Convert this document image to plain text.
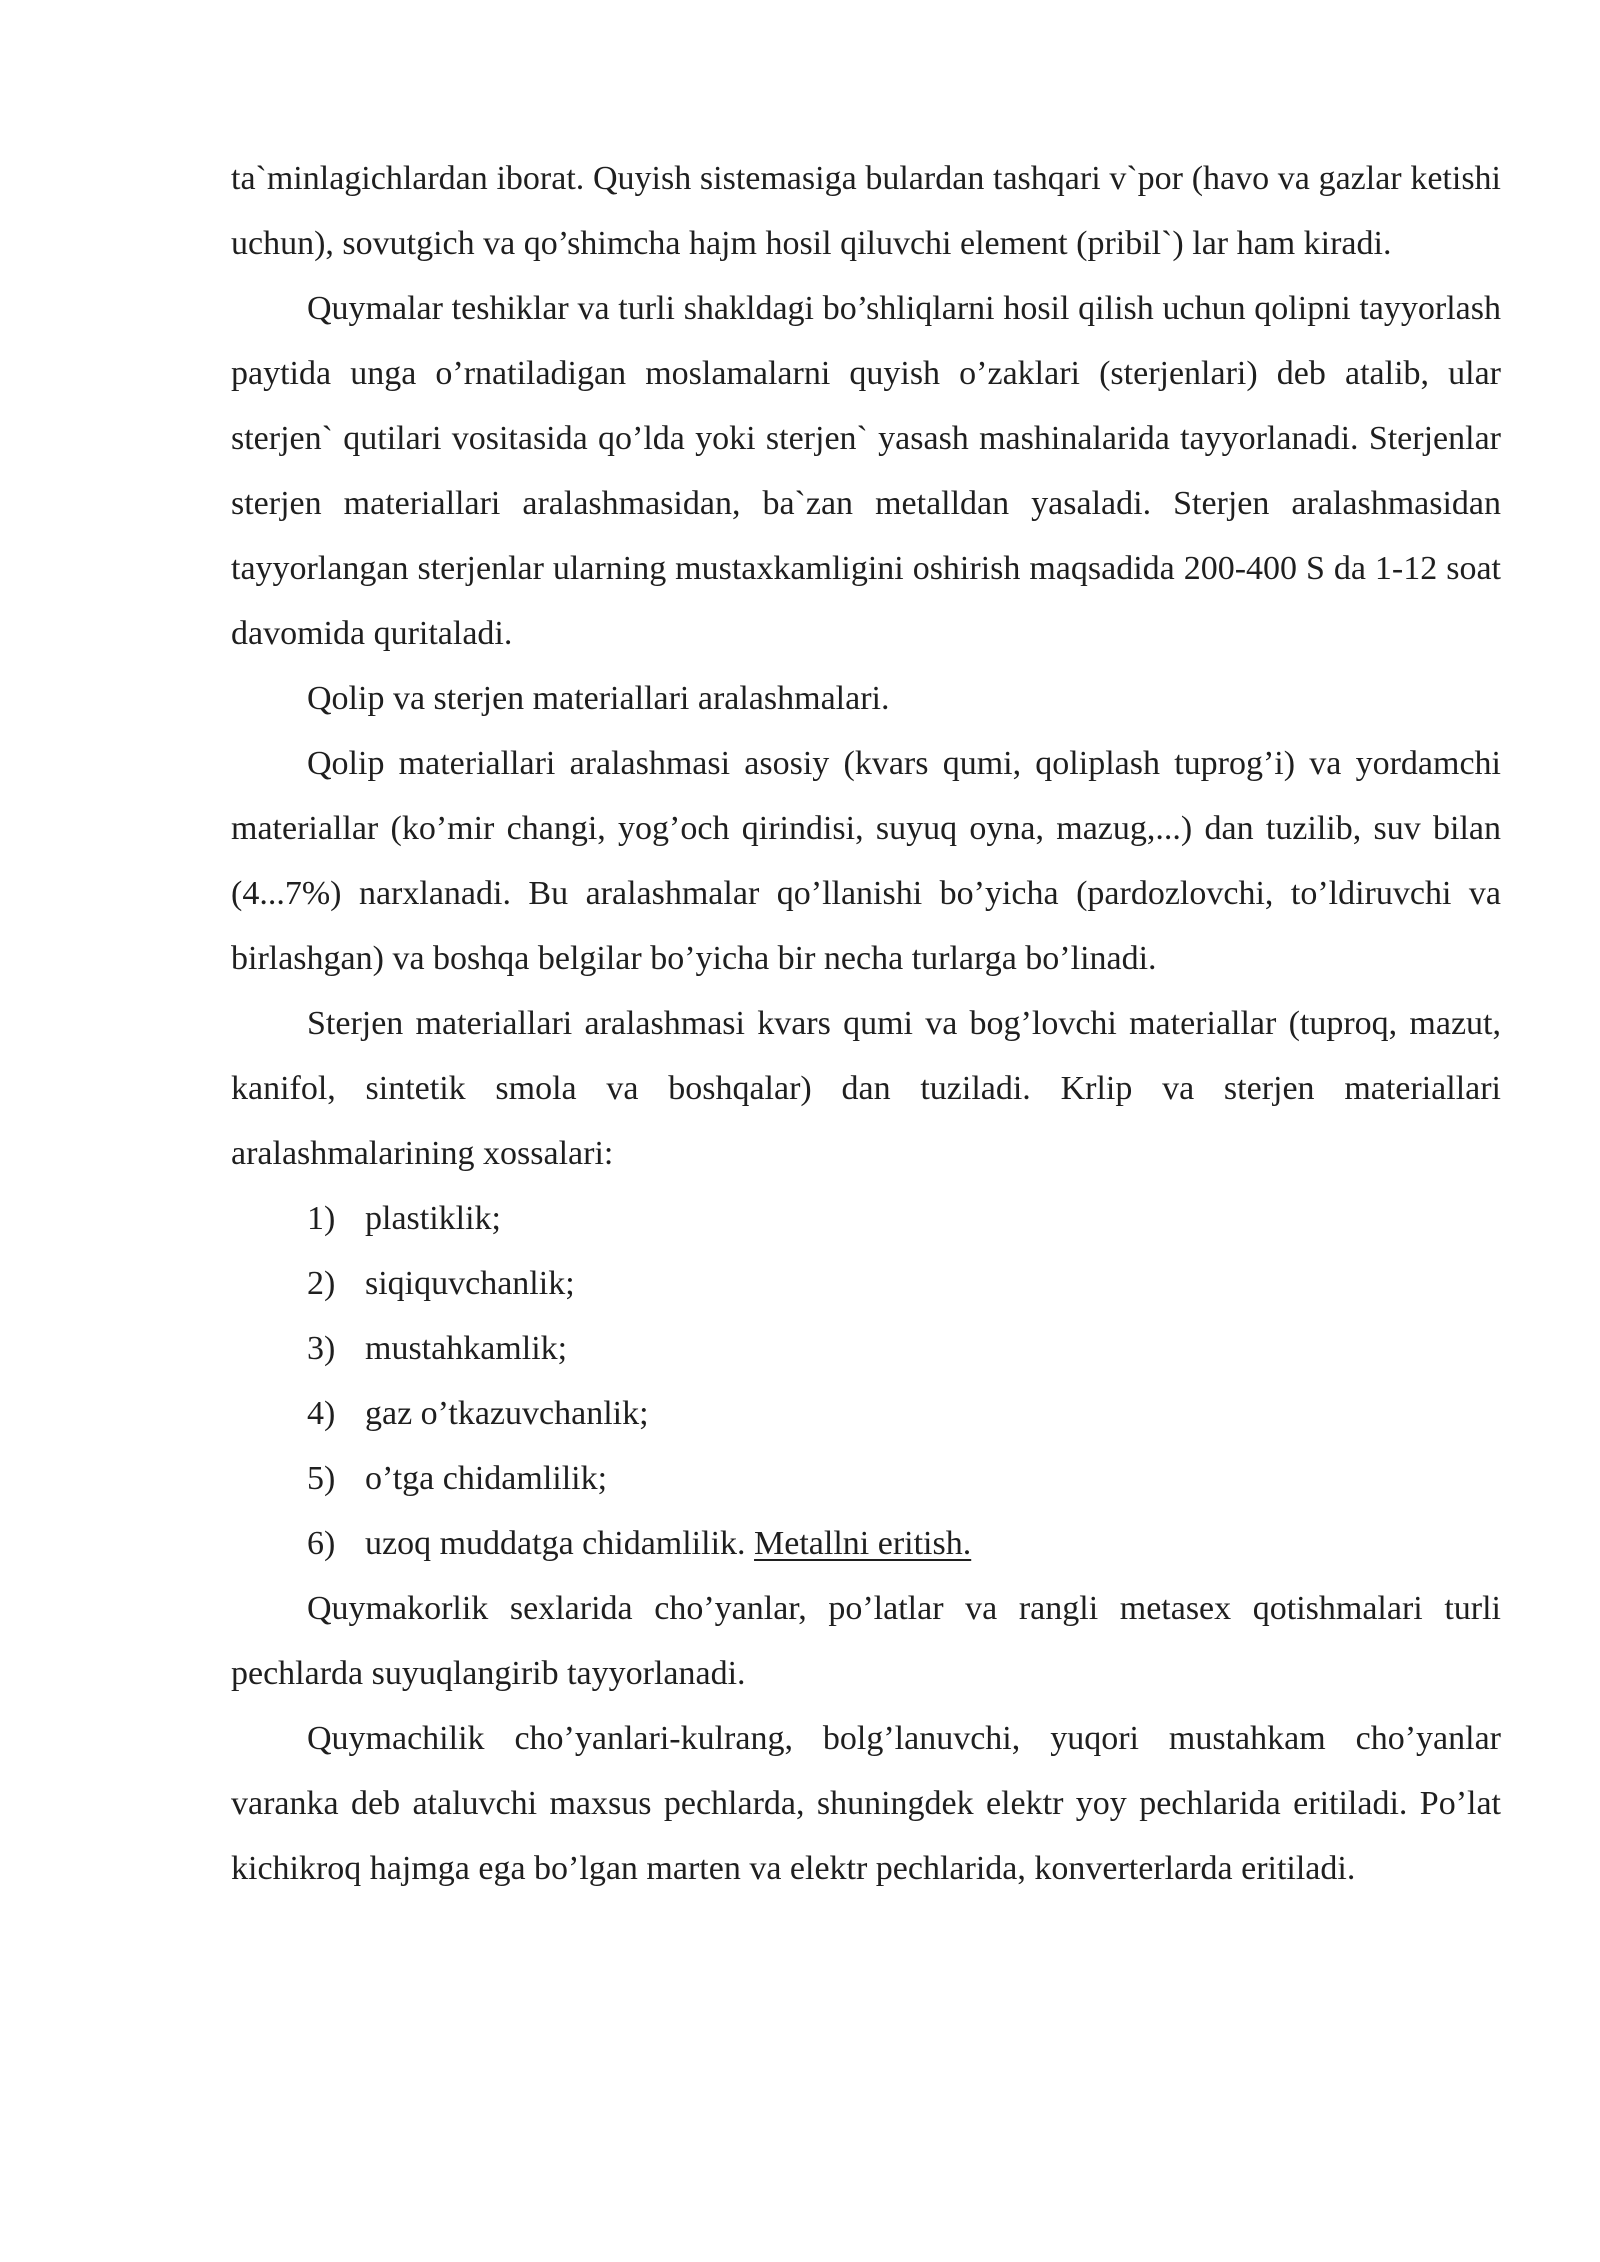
ta`minlagichlardan iborat. Quyish sistemasiga bulardan tashqari v`por (havo va gazlar ketishi uchun), sovutgich va qo’shimcha hajm hosil qiluvchi element (pribil`) lar ham kiradi.

Quymalar teshiklar va turli shakldagi bo’shliqlarni hosil qilish uchun qolipni tayyorlash paytida unga o’rnatiladigan moslamalarni quyish o’zaklari (sterjenlari) deb atalib, ular sterjen` qutilari vositasida qo’lda yoki sterjen` yasash mashinalarida tayyorlanadi. Sterjenlar sterjen materiallari aralashmasidan, ba`zan metalldan yasaladi. Sterjen aralashmasidan tayyorlangan sterjenlar ularning mustaxkamligini oshirish maqsadida 200-400 S da 1-12 soat davomida quritaladi.

Qolip va sterjen materiallari aralashmalari.

Qolip materiallari aralashmasi asosiy (kvars qumi, qoliplash tuprog’i) va yordamchi materiallar (ko’mir changi, yog’och qirindisi, suyuq oyna, mazug,...) dan tuzilib, suv bilan (4...7%) narxlanadi. Bu aralashmalar qo’llanishi bo’yicha (pardozlovchi, to’ldiruvchi va birlashgan) va boshqa belgilar bo’yicha bir necha turlarga bo’linadi.

Sterjen materiallari aralashmasi kvars qumi va bog’lovchi materiallar (tuproq, mazut, kanifol, sintetik smola va boshqalar) dan tuziladi. Krlip va sterjen materiallari aralashmalarining xossalari:

1) plastiklik;
2) siqiquvchanlik;
3) mustahkamlik;
4) gaz o’tkazuvchanlik;
5) o’tga chidamlilik;
6) uzoq muddatga chidamlilik. Metallni eritish.

Quymakorlik sexlarida cho’yanlar, po’latlar va rangli metasex qotishmalari turli pechlarda suyuqlangirib tayyorlanadi.

Quymachilik cho’yanlari-kulrang, bolg’lanuvchi, yuqori mustahkam cho’yanlar varanka deb ataluvchi maxsus pechlarda, shuningdek elektr yoy pechlarida eritiladi. Po’lat kichikroq hajmga ega bo’lgan marten va elektr pechlarida, konverterlarda eritiladi.
